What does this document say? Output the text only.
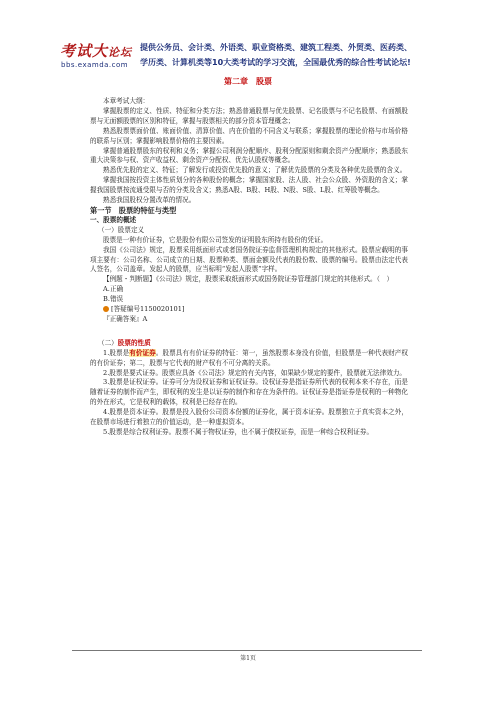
考试大论坛
bbs.examda.com
提供公务员、会计类、外语类、职业资格类、建筑工程类、外贸类、医药类、
学历类、计算机类等10大类考试的学习交流，全国最优秀的综合性考试论坛!
第二章　股票

本章考试大纲：

掌握股票的定义、性质、特征和分类方法；熟悉普通股票与优先股票、记名股票与不记名股票、有面额股票与无面额股票的区别和特征，掌握与股票相关的部分资本管理概念；

熟悉股票票面价值、账面价值、清算价值、内在价值的不同含义与联系；掌握股票的理论价格与市场价格的联系与区别；掌握影响股票价格的主要因素。

掌握普通股票股东的权利和义务；掌握公司利润分配顺序、股利分配原则和剩余资产分配顺序；熟悉股东重大决策参与权、资产收益权、剩余资产分配权、优先认股权等概念。

熟悉优先股的定义、特征；了解发行或投资优先股的意义；了解优先股票的分类及各种优先股票的含义。

掌握我国按投资主体性质划分的各种股份的概念；掌握国家股、法人股、社会公众股、外资股的含义；掌握我国股票按流通受限与否的分类及含义；熟悉A股、B股、H股、N股、S股、L股、红筹股等概念。

熟悉我国股权分置改革的情况。

第一节　股票的特征与类型

一、股票的概述

（一）股票定义

股票是一种有价证券，它是股份有限公司签发的证明股东所持有股份的凭证。

我国《公司法》规定，股票采用纸面形式或者国务院证券监督管理机构规定的其他形式。股票应载明的事项主要有：公司名称、公司成立的日期、股票种类、票面金额及代表的股份数、股票的编号。股票由法定代表人签名，公司盖章。发起人的股票，应当标明“发起人股票”字样。

【例题・判断题】《公司法》规定，股票采取纸面形式或国务院证券管理部门规定的其他形式。（　）

A.正确

B.错误

[答疑编号1150020101]

『正确答案』A

（二）股票的性质

1.股票是有价证券。股票具有有价证券的特征：第一，虽然股票本身没有价值，但股票是一种代表财产权的有价证券；第二，股票与它代表的财产权有不可分离的关系。

2.股票是要式证券。股票应具备《公司法》规定的有关内容，如果缺少规定的要件，股票就无法律效力。

3.股票是证权证券。证券可分为设权证券和证权证券。设权证券是指证券所代表的权利本来不存在，而是随着证券的制作而产生，即权利的发生是以证券的制作和存在为条件的。证权证券是指证券是权利的一种物化的外在形式，它是权利的载体，权利是已经存在的。

4.股票是资本证券。股票是投入股份公司资本份额的证券化，属于资本证券。股票独立于真实资本之外，在股票市场进行着独立的价值运动，是一种虚拟资本。

5.股票是综合权利证券。股票不属于物权证券，也不属于债权证券，而是一种综合权利证券。

第1页
